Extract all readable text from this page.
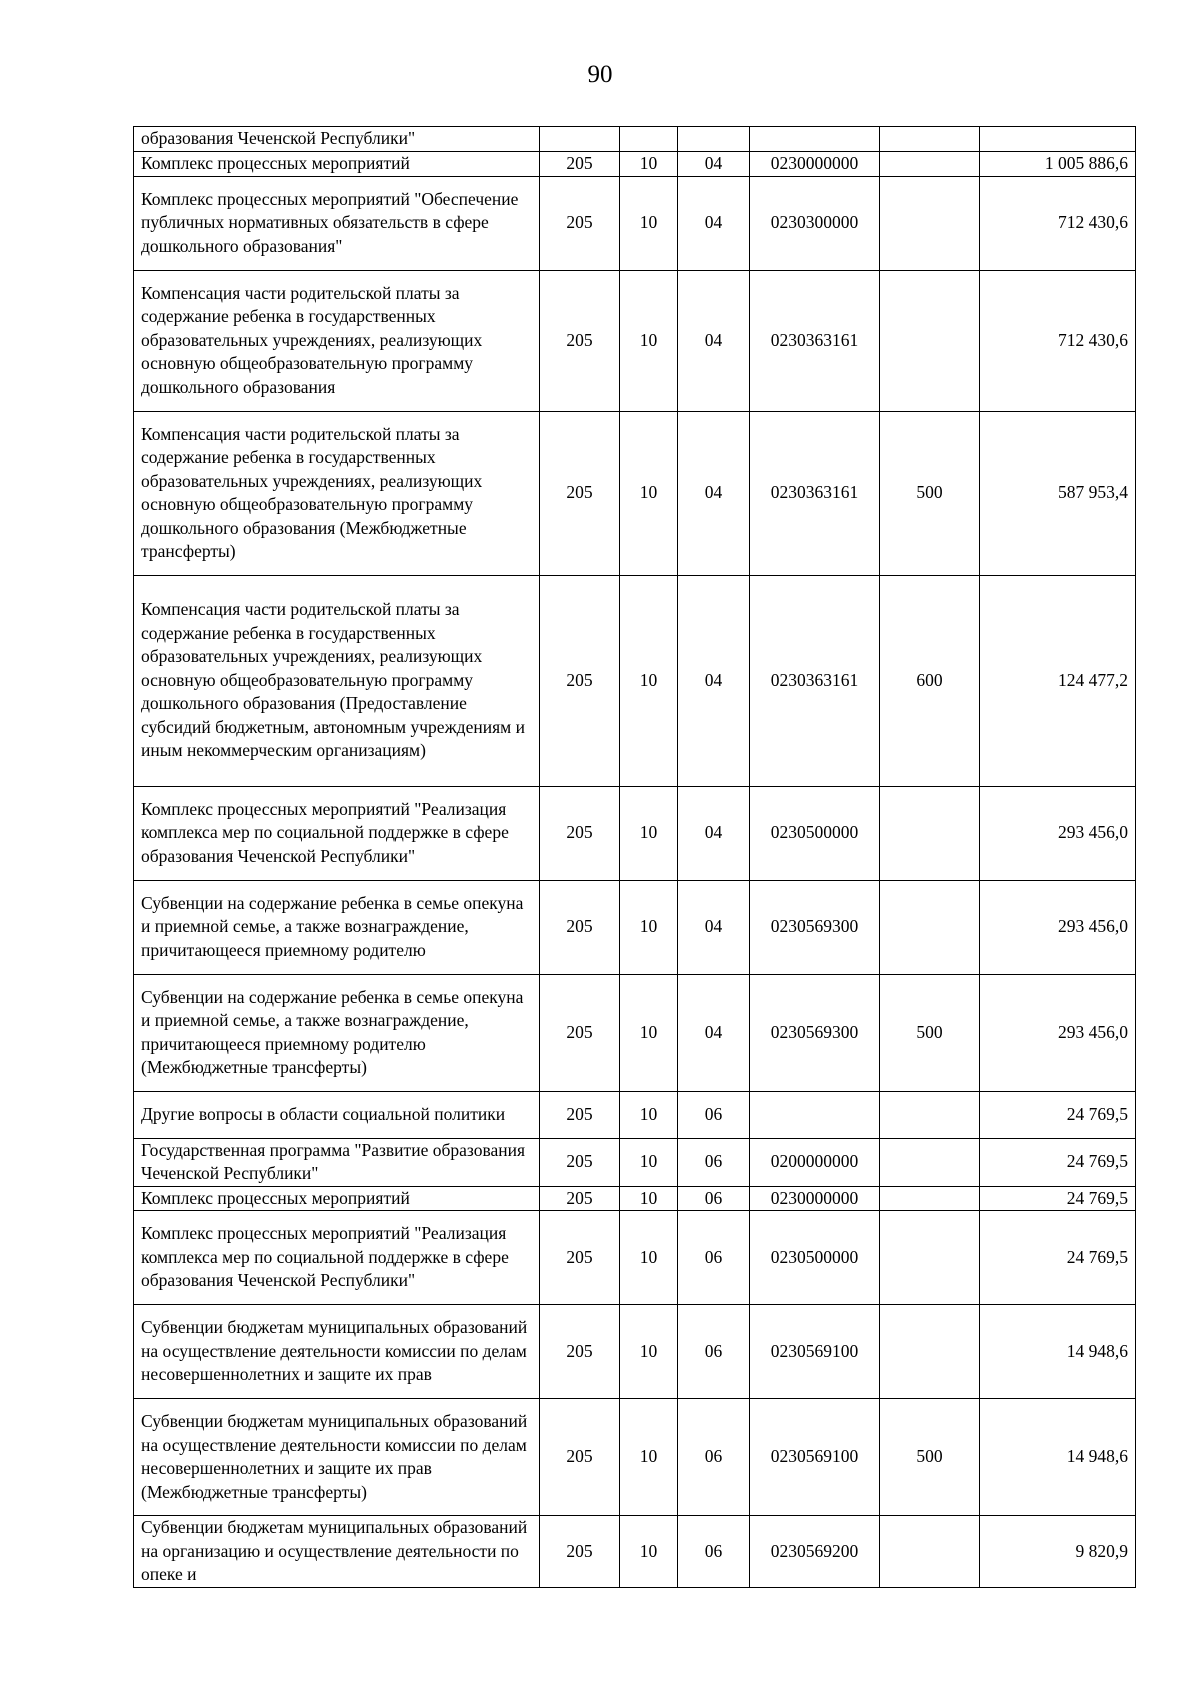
90
образования Чеченской Республики"						
Комплекс процессных мероприятий	205	10	04	0230000000		1 005 886,6
Комплекс процессных мероприятий "Обеспечение публичных нормативных обязательств в сфере дошкольного образования"	205	10	04	0230300000		712 430,6
Компенсация части родительской платы за содержание ребенка в государственных образовательных учреждениях, реализующих основную общеобразовательную программу дошкольного образования	205	10	04	0230363161		712 430,6
Компенсация части родительской платы за содержание ребенка в государственных образовательных учреждениях, реализующих основную общеобразовательную программу дошкольного образования (Межбюджетные трансферты)	205	10	04	0230363161	500	587 953,4
Компенсация части родительской платы за содержание ребенка в государственных образовательных учреждениях, реализующих основную общеобразовательную программу дошкольного образования (Предоставление субсидий бюджетным, автономным учреждениям и иным некоммерческим организациям)	205	10	04	0230363161	600	124 477,2
Комплекс процессных мероприятий "Реализация комплекса мер по социальной поддержке в сфере образования Чеченской Республики"	205	10	04	0230500000		293 456,0
Субвенции на содержание ребенка в семье опекуна и приемной семье, а также вознаграждение, причитающееся приемному родителю	205	10	04	0230569300		293 456,0
Субвенции на содержание ребенка в семье опекуна и приемной семье, а также вознаграждение, причитающееся приемному родителю (Межбюджетные трансферты)	205	10	04	0230569300	500	293 456,0
Другие вопросы в области социальной политики	205	10	06			24 769,5
Государственная программа "Развитие образования Чеченской Республики"	205	10	06	0200000000		24 769,5
Комплекс процессных мероприятий	205	10	06	0230000000		24 769,5
Комплекс процессных мероприятий "Реализация комплекса мер по социальной поддержке в сфере образования Чеченской Республики"	205	10	06	0230500000		24 769,5
Субвенции бюджетам муниципальных образований на осуществление деятельности комиссии по делам несовершеннолетних и защите их прав	205	10	06	0230569100		14 948,6
Субвенции бюджетам муниципальных образований на осуществление деятельности комиссии по делам несовершеннолетних и защите их прав (Межбюджетные трансферты)	205	10	06	0230569100	500	14 948,6
Субвенции бюджетам муниципальных образований на организацию и осуществление деятельности по опеке и	205	10	06	0230569200		9 820,9
